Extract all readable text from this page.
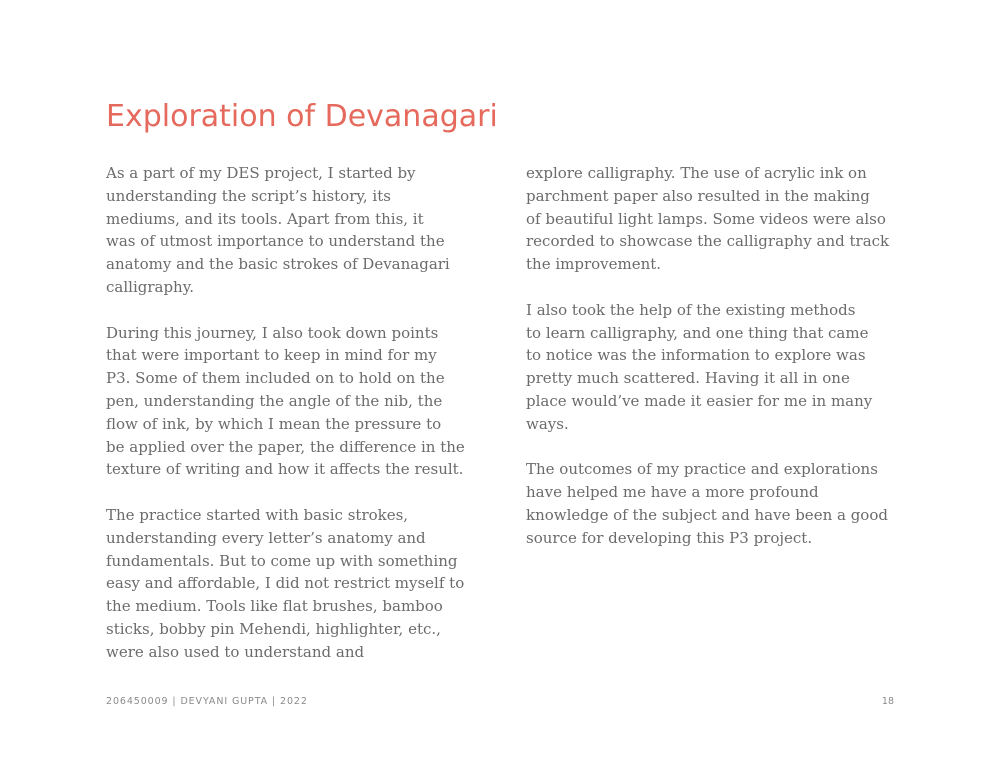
Exploration of Devanagari

As a part of my DES project, I started by
understanding the script’s history, its
mediums, and its tools. Apart from this, it
was of utmost importance to understand the
anatomy and the basic strokes of Devanagari
calligraphy.

During this journey, I also took down points
that were important to keep in mind for my
P3. Some of them included on to hold on the
pen, understanding the angle of the nib, the
flow of ink, by which I mean the pressure to
be applied over the paper, the difference in the
texture of writing and how it affects the result.

The practice started with basic strokes,
understanding every letter’s anatomy and
fundamentals. But to come up with something
easy and affordable, I did not restrict myself to
the medium. Tools like flat brushes, bamboo
sticks, bobby pin Mehendi, highlighter, etc.,
were also used to understand and

explore calligraphy. The use of acrylic ink on
parchment paper also resulted in the making
of beautiful light lamps. Some videos were also
recorded to showcase the calligraphy and track
the improvement.

I also took the help of the existing methods
to learn calligraphy, and one thing that came
to notice was the information to explore was
pretty much scattered. Having it all in one
place would’ve made it easier for me in many
ways.

The outcomes of my practice and explorations
have helped me have a more profound
knowledge of the subject and have been a good
source for developing this P3 project.

206450009 | DEVYANI GUPTA | 2022	18
